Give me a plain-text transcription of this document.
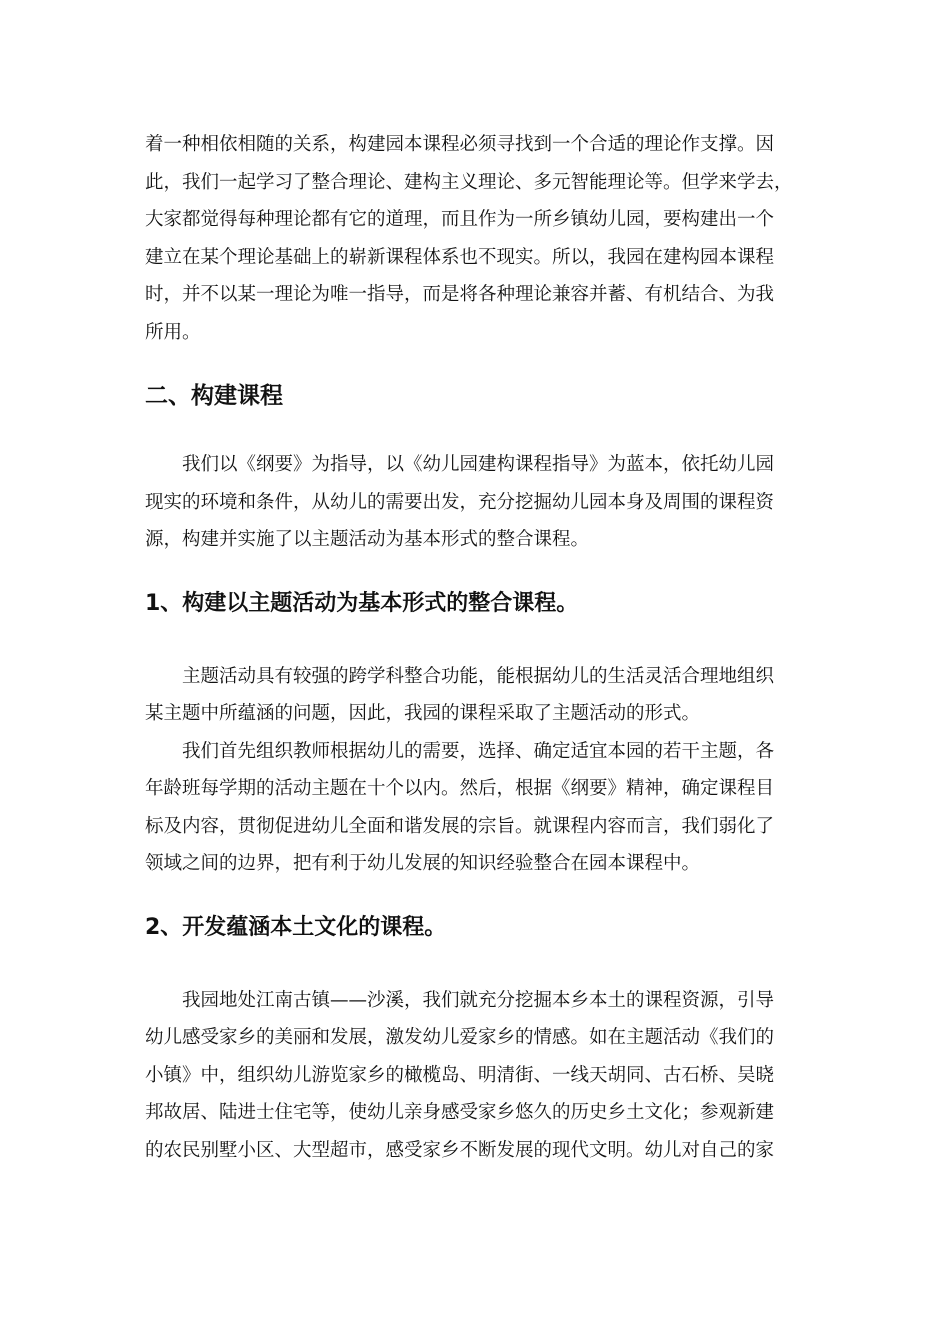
着一种相依相随的关系，构建园本课程必须寻找到一个合适的理论作支撑。因
此，我们一起学习了整合理论、建构主义理论、多元智能理论等。但学来学去，
大家都觉得每种理论都有它的道理，而且作为一所乡镇幼儿园，要构建出一个
建立在某个理论基础上的崭新课程体系也不现实。所以，我园在建构园本课程
时，并不以某一理论为唯一指导，而是将各种理论兼容并蓄、有机结合、为我
所用。
二、构建课程
我们以《纲要》为指导，以《幼儿园建构课程指导》为蓝本，依托幼儿园
现实的环境和条件，从幼儿的需要出发，充分挖掘幼儿园本身及周围的课程资
源，构建并实施了以主题活动为基本形式的整合课程。
1、构建以主题活动为基本形式的整合课程。
主题活动具有较强的跨学科整合功能，能根据幼儿的生活灵活合理地组织
某主题中所蕴涵的问题，因此，我园的课程采取了主题活动的形式。
我们首先组织教师根据幼儿的需要，选择、确定适宜本园的若干主题，各
年龄班每学期的活动主题在十个以内。然后，根据《纲要》精神，确定课程目
标及内容，贯彻促进幼儿全面和谐发展的宗旨。就课程内容而言，我们弱化了
领域之间的边界，把有利于幼儿发展的知识经验整合在园本课程中。
2、开发蕴涵本土文化的课程。
我园地处江南古镇——沙溪，我们就充分挖掘本乡本土的课程资源，引导
幼儿感受家乡的美丽和发展，激发幼儿爱家乡的情感。如在主题活动《我们的
小镇》中，组织幼儿游览家乡的橄榄岛、明清街、一线天胡同、古石桥、吴晓
邦故居、陆进士住宅等，使幼儿亲身感受家乡悠久的历史乡土文化；参观新建
的农民别墅小区、大型超市，感受家乡不断发展的现代文明。幼儿对自己的家
